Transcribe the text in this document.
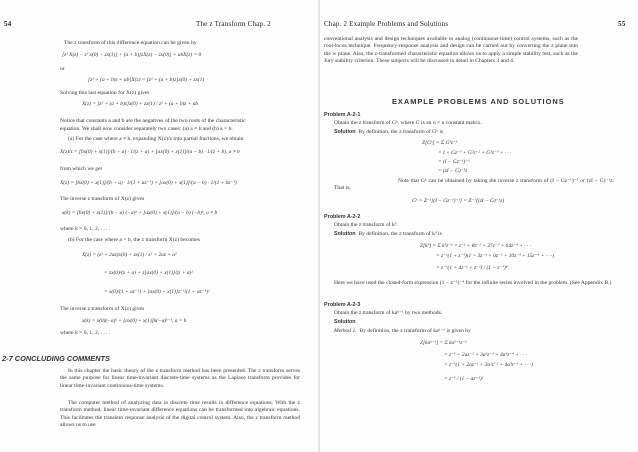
54	The z Transform Chap. 2
The z transform of this difference equation can be given by
[z² X(z) − z² x(0) − zx(1)] + (a + b)[zX(z) − zx(0)] + abX(z) = 0
or
[z² + (a + b)z + ab]X(z) = [z² + (a + b)z]x(0) + zx(1)
Solving this last equation for X(z) gives
X(z) = [z² + (a + b)z]x(0) + zx(1) / z² + (a + b)z + ab
Notice that constants a and b are the negatives of the two roots of the characteristic
equation. We shall now consider separately two cases: (a) a ≠ b and (b) a = b.
(a) For the case where a ≠ b, expanding X(z)/z into partial fractions, we obtain
X(z)/z = [bx(0) + x(1)]/(b − a) · 1/(z + a) + [ax(0) + x(1)]/(a − b) · 1/(z + b), a ≠ b
from which we get
X(z) = [bx(0) + x(1)]/(b − a) · 1/(1 + az⁻¹) + [ax(0) + x(1)]/(a − b) · 1/(1 + bz⁻¹)
The inverse z transform of X(z) gives
x(k) = [bx(0) + x(1)]/(b − a) (−a)ᵏ + [ax(0) + x(1)]/(a − b) (−b)ᵏ, a ≠ b
where k = 0, 1, 2, . . . .
(b) For the case where a = b, the z transform X(z) becomes
X(z) = (z² + 2az)x(0) + zx(1) / z² + 2az + a²
= zx(0)/(z + a) + z[ax(0) + x(1)]/(z + a)²
= x(0)/(1 + az⁻¹) + [ax(0) + x(1)]z⁻¹/(1 + az⁻¹)²
The inverse z transform of X(z) gives
x(k) = x(0)(−a)ᵏ + [ax(0) + x(1)]k(−a)ᵏ⁻¹, a = b
where k = 0, 1, 2, . . . .
2-7 CONCLUDING COMMENTS
In this chapter the basic theory of the z transform method has been presented. The z transform serves the same purpose for linear time-invariant discrete-time systems as the Laplace transform provides for linear time-invariant continuous-time systems.
The computer method of analyzing data in discrete time results in difference equations. With the z transform method, linear time-invariant difference equations can be transformed into algebraic equations. This facilitates the transient response analysis of the digital control system. Also, the z transform method allows us to use
Chap. 2 Example Problems and Solutions	55
conventional analysis and design techniques available to analog (continuous-time) control systems, such as the root-locus technique. Frequency-response analysis and design can be carried out by converting the z plane into the w plane. Also, the z-transformed characteristic equation allows us to apply a simple stability test, such as the Jury stability criterion. These subjects will be discussed in detail in Chapters 3 and 4.
EXAMPLE PROBLEMS AND SOLUTIONS
Problem A-2-1
Obtain the z transform of Gᵏ, where G is an n × n constant matrix.
Solution By definition, the z transform of Gᵏ is
Z[Gᵏ] = Σ Gᵏz⁻ᵏ
= I + Gz⁻¹ + G²z⁻² + G³z⁻³ + · · ·
= (I − Gz⁻¹)⁻¹
= (zI − G)⁻¹z
Note that Gᵏ can be obtained by taking the inverse z transform of (I − Gz⁻¹)⁻¹ or (zI − G)⁻¹z. That is,
Gᵏ = Z⁻¹[(I − Gz⁻¹)⁻¹] = Z⁻¹[(zI − G)⁻¹z]
Problem A-2-2
Obtain the z transform of k³.
Solution By definition, the z transform of k³ is
Z[k³] = Σ k³z⁻ᵏ = z⁻¹ + 8z⁻² + 27z⁻³ + 64z⁻⁴ + · · ·
= z⁻¹(1 + z⁻¹)(1 + 3z⁻¹ + 6z⁻² + 10z⁻³ + 15z⁻⁴ + · · ·)
= z⁻¹(1 + 4z⁻¹ + z⁻²) / (1 − z⁻¹)⁴
Here we have used the closed-form expression (1 − z⁻¹)⁻⁴ for the infinite series involved in the problem. (See Appendix B.)
Problem A-2-3
Obtain the z transform of kaᵏ⁻¹ by two methods.
Solution
Method 1. By definition, the z transform of kaᵏ⁻¹ is given by
Z[kaᵏ⁻¹] = Σ kaᵏ⁻¹z⁻ᵏ
= z⁻¹ + 2az⁻² + 3a²z⁻³ + 4a³z⁻⁴ + · · ·
= z⁻¹(1 + 2az⁻¹ + 3a²z⁻² + 4a³z⁻³ + · · ·)
= z⁻¹ / (1 − az⁻¹)²
